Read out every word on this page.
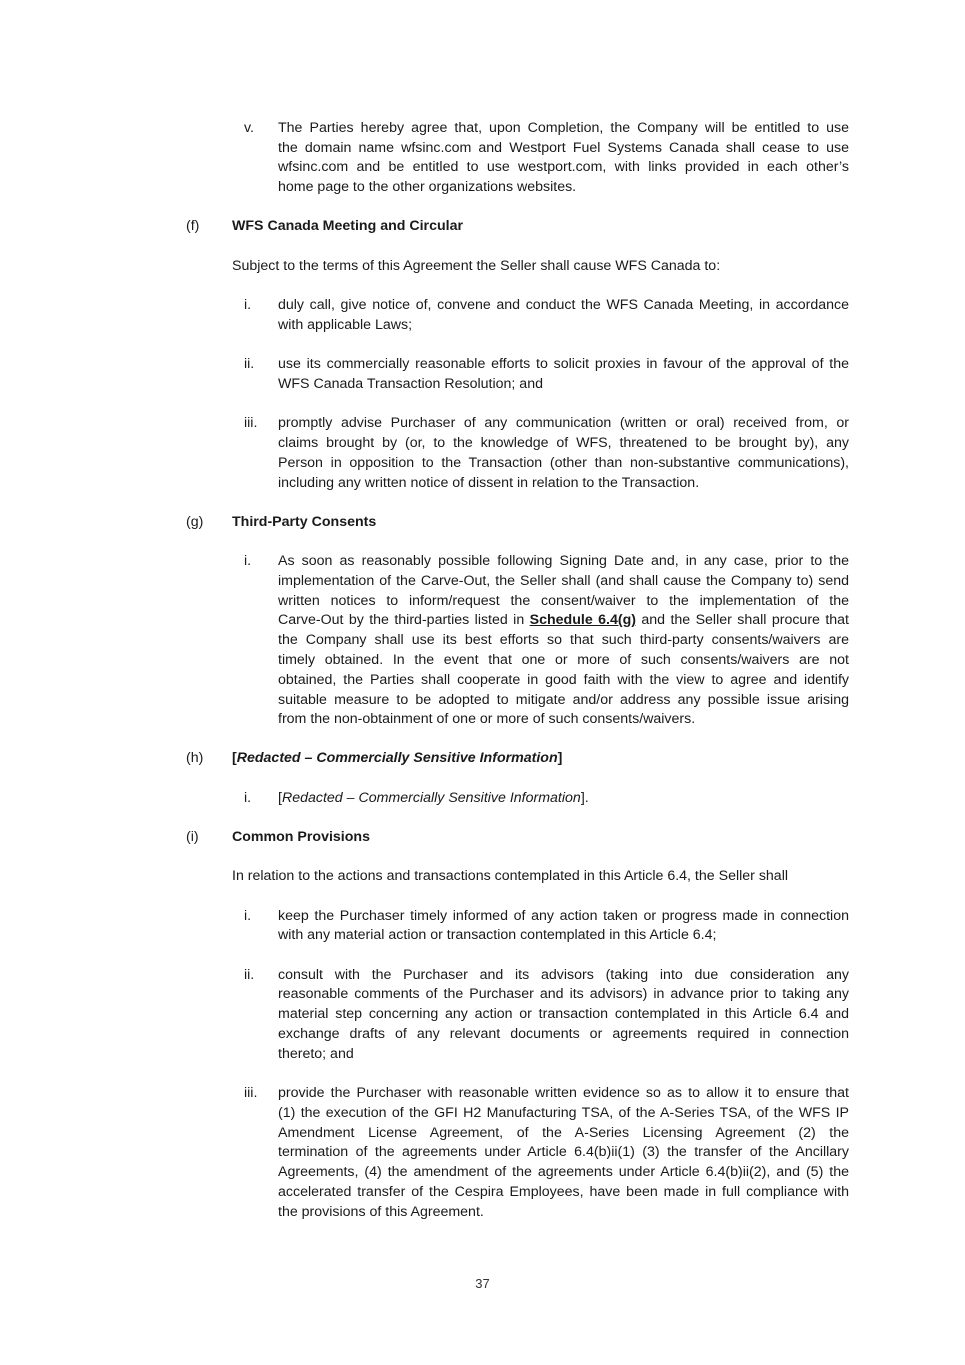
v. The Parties hereby agree that, upon Completion, the Company will be entitled to use
the domain name wfsinc.com and Westport Fuel Systems Canada shall cease to use
wfsinc.com and be entitled to use westport.com, with links provided in each other’s
home page to the other organizations websites.
(f) WFS Canada Meeting and Circular
Subject to the terms of this Agreement the Seller shall cause WFS Canada to:
i. duly call, give notice of, convene and conduct the WFS Canada Meeting, in accordance
with applicable Laws;
ii. use its commercially reasonable efforts to solicit proxies in favour of the approval of the
WFS Canada Transaction Resolution; and
iii. promptly advise Purchaser of any communication (written or oral) received from, or
claims brought by (or, to the knowledge of WFS, threatened to be brought by), any
Person in opposition to the Transaction (other than non-substantive communications),
including any written notice of dissent in relation to the Transaction.
(g) Third-Party Consents
i. As soon as reasonably possible following Signing Date and, in any case, prior to the
implementation of the Carve-Out, the Seller shall (and shall cause the Company to) send
written notices to inform/request the consent/waiver to the implementation of the
Carve-Out by the third-parties listed in Schedule 6.4(g) and the Seller shall procure that
the Company shall use its best efforts so that such third-party consents/waivers are
timely obtained. In the event that one or more of such consents/waivers are not
obtained, the Parties shall cooperate in good faith with the view to agree and identify
suitable measure to be adopted to mitigate and/or address any possible issue arising
from the non-obtainment of one or more of such consents/waivers.
(h) [Redacted – Commercially Sensitive Information]
i. [Redacted – Commercially Sensitive Information].
(i) Common Provisions
In relation to the actions and transactions contemplated in this Article 6.4, the Seller shall
i. keep the Purchaser timely informed of any action taken or progress made in connection
with any material action or transaction contemplated in this Article 6.4;
ii. consult with the Purchaser and its advisors (taking into due consideration any
reasonable comments of the Purchaser and its advisors) in advance prior to taking any
material step concerning any action or transaction contemplated in this Article 6.4 and
exchange drafts of any relevant documents or agreements required in connection
thereto; and
iii. provide the Purchaser with reasonable written evidence so as to allow it to ensure that
(1) the execution of the GFI H2 Manufacturing TSA, of the A-Series TSA, of the WFS IP
Amendment License Agreement, of the A-Series Licensing Agreement (2) the
termination of the agreements under Article 6.4(b)ii(1) (3) the transfer of the Ancillary
Agreements, (4) the amendment of the agreements under Article 6.4(b)ii(2), and (5) the
accelerated transfer of the Cespira Employees, have been made in full compliance with
the provisions of this Agreement.
37
